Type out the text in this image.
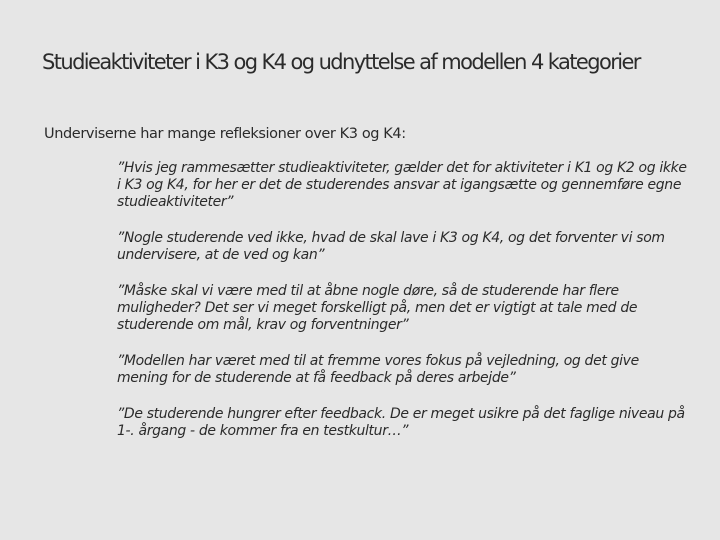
Studieaktiviteter i K3 og K4 og udnyttelse af modellen 4 kategorier
Underviserne har mange refleksioner over K3 og K4:
”Hvis jeg rammesætter studieaktiviteter, gælder det for aktiviteter i K1 og K2 og ikke i K3 og K4, for her er det de studerendes ansvar at igangsætte og gennemføre egne studieaktiviteter”
”Nogle studerende ved ikke, hvad de skal lave i K3 og K4, og det forventer vi som undervisere, at de ved og kan”
”Måske skal vi være med til at åbne nogle døre, så de studerende har flere muligheder? Det ser vi meget forskelligt på, men det er vigtigt at tale med de studerende om mål, krav og forventninger”
”Modellen har været med til at fremme vores fokus på vejledning, og det give mening for de studerende at få feedback på deres arbejde”
”De studerende hungrer efter feedback. De er meget usikre på det faglige niveau på 1-. årgang - de kommer fra en testkultur…”
